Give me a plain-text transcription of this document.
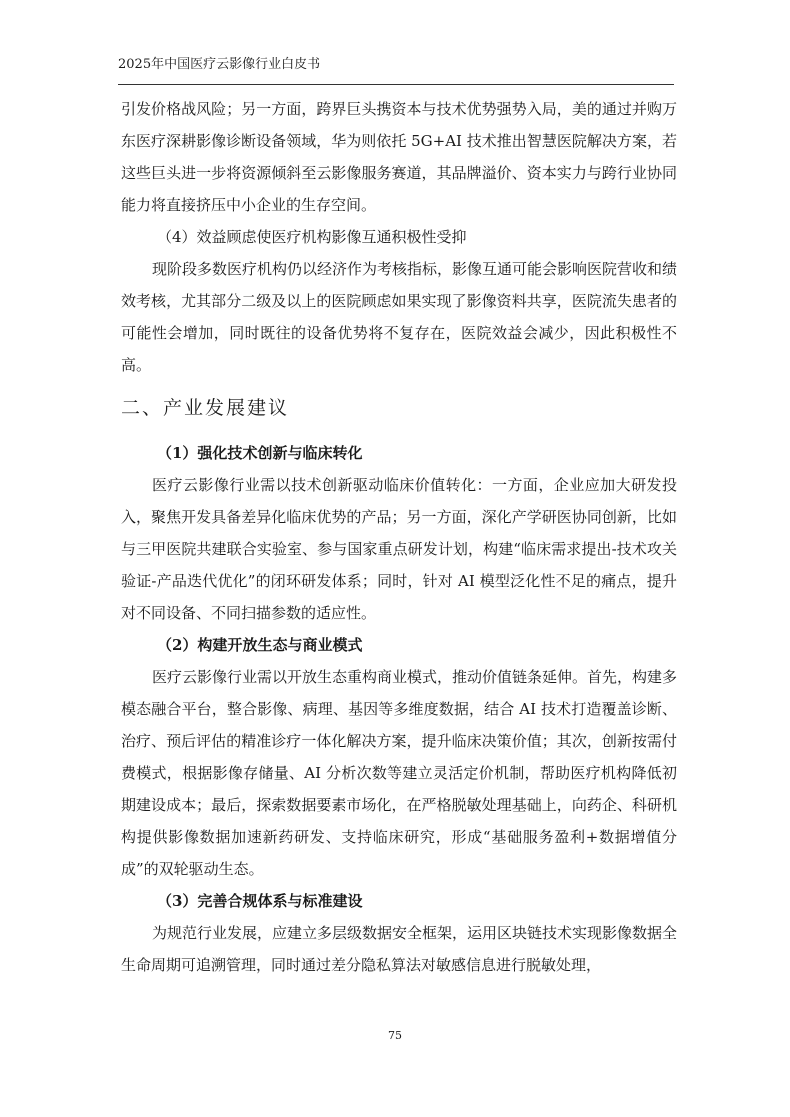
2025年中国医疗云影像行业白皮书

引发价格战风险；另一方面，跨界巨头携资本与技术优势强势入局，美的通过并购万东医疗深耕影像诊断设备领域，华为则依托 5G+AI 技术推出智慧医院解决方案，若这些巨头进一步将资源倾斜至云影像服务赛道，其品牌溢价、资本实力与跨行业协同能力将直接挤压中小企业的生存空间。

（4）效益顾虑使医疗机构影像互通积极性受抑

现阶段多数医疗机构仍以经济作为考核指标，影像互通可能会影响医院营收和绩效考核，尤其部分二级及以上的医院顾虑如果实现了影像资料共享，医院流失患者的可能性会增加，同时既往的设备优势将不复存在，医院效益会减少，因此积极性不高。

二、产业发展建议

（1）强化技术创新与临床转化

医疗云影像行业需以技术创新驱动临床价值转化：一方面，企业应加大研发投入，聚焦开发具备差异化临床优势的产品；另一方面，深化产学研医协同创新，比如与三甲医院共建联合实验室、参与国家重点研发计划，构建“临床需求提出-技术攻关验证-产品迭代优化”的闭环研发体系；同时，针对 AI 模型泛化性不足的痛点，提升对不同设备、不同扫描参数的适应性。

（2）构建开放生态与商业模式

医疗云影像行业需以开放生态重构商业模式，推动价值链条延伸。首先，构建多模态融合平台，整合影像、病理、基因等多维度数据，结合 AI 技术打造覆盖诊断、治疗、预后评估的精准诊疗一体化解决方案，提升临床决策价值；其次，创新按需付费模式，根据影像存储量、AI 分析次数等建立灵活定价机制，帮助医疗机构降低初期建设成本；最后，探索数据要素市场化，在严格脱敏处理基础上，向药企、科研机构提供影像数据加速新药研发、支持临床研究，形成“基础服务盈利+数据增值分成”的双轮驱动生态。

（3）完善合规体系与标准建设

为规范行业发展，应建立多层级数据安全框架，运用区块链技术实现影像数据全生命周期可追溯管理，同时通过差分隐私算法对敏感信息进行脱敏处理，

75
